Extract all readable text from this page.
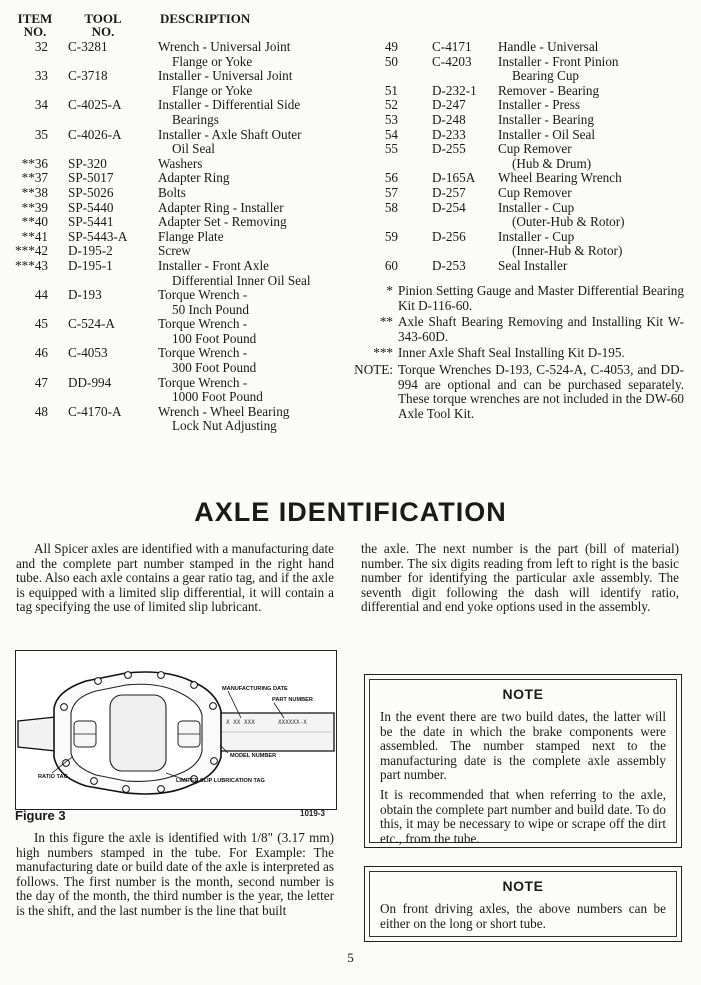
ITEM
NO.
TOOL
NO.
DESCRIPTION
32	C-3281	Wrench - Universal Joint
Flange or Yoke
33	C-3718	Installer - Universal Joint
Flange or Yoke
34	C-4025-A	Installer - Differential Side
Bearings
35	C-4026-A	Installer - Axle Shaft Outer
Oil Seal
**36	SP-320	Washers
**37	SP-5017	Adapter Ring
**38	SP-5026	Bolts
**39	SP-5440	Adapter Ring - Installer
**40	SP-5441	Adapter Set - Removing
**41	SP-5443-A	Flange Plate
***42	D-195-2	Screw
***43	D-195-1	Installer - Front Axle
Differential Inner Oil Seal
44	D-193	Torque Wrench -
50 Inch Pound
45	C-524-A	Torque Wrench -
100 Foot Pound
46	C-4053	Torque Wrench -
300 Foot Pound
47	DD-994	Torque Wrench -
1000 Foot Pound
48	C-4170-A	Wrench - Wheel Bearing
Lock Nut Adjusting
49	C-4171	Handle - Universal
50	C-4203	Installer - Front Pinion
Bearing Cup
51	D-232-1	Remover - Bearing
52	D-247	Installer - Press
53	D-248	Installer - Bearing
54	D-233	Installer - Oil Seal
55	D-255	Cup Remover
(Hub & Drum)
56	D-165A	Wheel Bearing Wrench
57	D-257	Cup Remover
58	D-254	Installer - Cup
(Outer-Hub & Rotor)
59	D-256	Installer - Cup
(Inner-Hub & Rotor)
60	D-253	Seal Installer
* Pinion Setting Gauge and Master Differential Bearing Kit D-116-60.
** Axle Shaft Bearing Removing and Installing Kit W-343-60D.
*** Inner Axle Shaft Seal Installing Kit D-195.
NOTE: Torque Wrenches D-193, C-524-A, C-4053, and DD-994 are optional and can be purchased separately. These torque wrenches are not included in the DW-60 Axle Tool Kit.
AXLE IDENTIFICATION

All Spicer axles are identified with a manufacturing date and the complete part number stamped in the right hand tube. Also each axle contains a gear ratio tag, and if the axle is equipped with a limited slip differential, it will contain a tag specifying the use of limited slip lubricant.

the axle. The next number is the part (bill of material) number. The six digits reading from left to right is the basic number for identifying the particular axle assembly. The seventh digit following the dash will identify ratio, differential and end yoke options used in the assembly.

X XX XXX	XXXXXX-X
MANUFACTURING DATE
PART NUMBER
MODEL NUMBER
RATIO TAG
LIMITED SLIP LUBRICATION TAG
Figure 3	1019-3

In this figure the axle is identified with 1/8" (3.17 mm) high numbers stamped in the tube. For Example: The manufacturing date or build date of the axle is interpreted as follows. The first number is the month, second number is the day of the month, the third number is the year, the letter is the shift, and the last number is the line that built

NOTE

In the event there are two build dates, the latter will be the date in which the brake components were assembled. The number stamped next to the manufacturing date is the complete axle assembly part number.

It is recommended that when referring to the axle, obtain the complete part number and build date. To do this, it may be necessary to wipe or scrape off the dirt etc., from the tube.

NOTE

On front driving axles, the above numbers can be either on the long or short tube.

5
